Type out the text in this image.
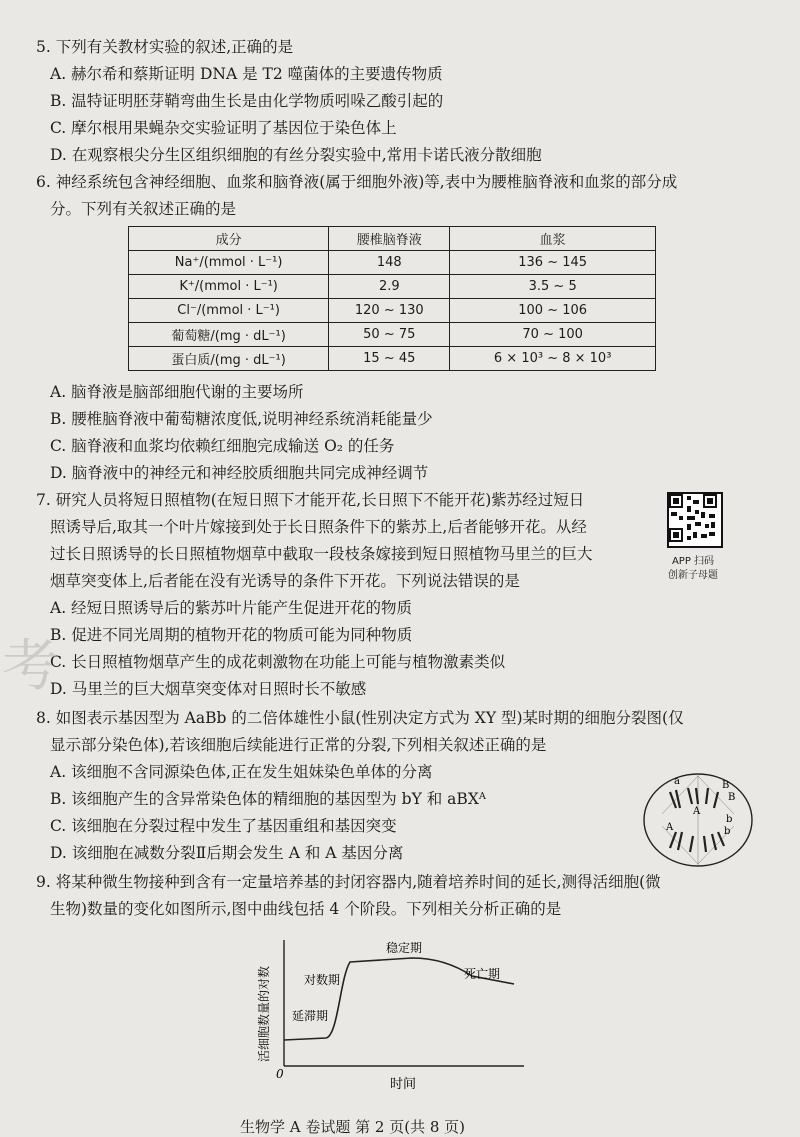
5. 下列有关教材实验的叙述,正确的是
A. 赫尔希和蔡斯证明 DNA 是 T2 噬菌体的主要遗传物质
B. 温特证明胚芽鞘弯曲生长是由化学物质吲哚乙酸引起的
C. 摩尔根用果蝇杂交实验证明了基因位于染色体上
D. 在观察根尖分生区组织细胞的有丝分裂实验中,常用卡诺氏液分散细胞
6. 神经系统包含神经细胞、血浆和脑脊液(属于细胞外液)等,表中为腰椎脑脊液和血浆的部分成
分。下列有关叙述正确的是
成分	腰椎脑脊液	血浆
Na⁺/(mmol · L⁻¹)	148	136 ~ 145
K⁺/(mmol · L⁻¹)	2.9	3.5 ~ 5
Cl⁻/(mmol · L⁻¹)	120 ~ 130	100 ~ 106
葡萄糖/(mg · dL⁻¹)	50 ~ 75	70 ~ 100
蛋白质/(mg · dL⁻¹)	15 ~ 45	6 × 10³ ~ 8 × 10³
A. 脑脊液是脑部细胞代谢的主要场所
B. 腰椎脑脊液中葡萄糖浓度低,说明神经系统消耗能量少
C. 脑脊液和血浆均依赖红细胞完成输送 O₂ 的任务
D. 脑脊液中的神经元和神经胶质细胞共同完成神经调节
7. 研究人员将短日照植物(在短日照下才能开花,长日照下不能开花)紫苏经过短日
照诱导后,取其一个叶片嫁接到处于长日照条件下的紫苏上,后者能够开花。从经
过长日照诱导的长日照植物烟草中截取一段枝条嫁接到短日照植物马里兰的巨大
烟草突变体上,后者能在没有光诱导的条件下开花。下列说法错误的是
APP 扫码
创新子母题
A. 经短日照诱导后的紫苏叶片能产生促进开花的物质
B. 促进不同光周期的植物开花的物质可能为同种物质
C. 长日照植物烟草产生的成花刺激物在功能上可能与植物激素类似
D. 马里兰的巨大烟草突变体对日照时长不敏感
考
8. 如图表示基因型为 AaBb 的二倍体雄性小鼠(性别决定方式为 XY 型)某时期的细胞分裂图(仅
显示部分染色体),若该细胞后续能进行正常的分裂,下列相关叙述正确的是
A. 该细胞不含同源染色体,正在发生姐妹染色单体的分离
B. 该细胞产生的含异常染色体的精细胞的基因型为 bY 和 aBXᴬ
C. 该细胞在分裂过程中发生了基因重组和基因突变
D. 该细胞在减数分裂Ⅱ后期会发生 A 和 A 基因分离
a
A
B
B
A
b
b
9. 将某种微生物接种到含有一定量培养基的封闭容器内,随着培养时间的延长,测得活细胞(微
生物)数量的变化如图所示,图中曲线包括 4 个阶段。下列相关分析正确的是
0
时间
活细胞数量的对数 延滞期
对数期
稳定期
死亡期
生物学 A 卷试题 第 2 页(共 8 页)
